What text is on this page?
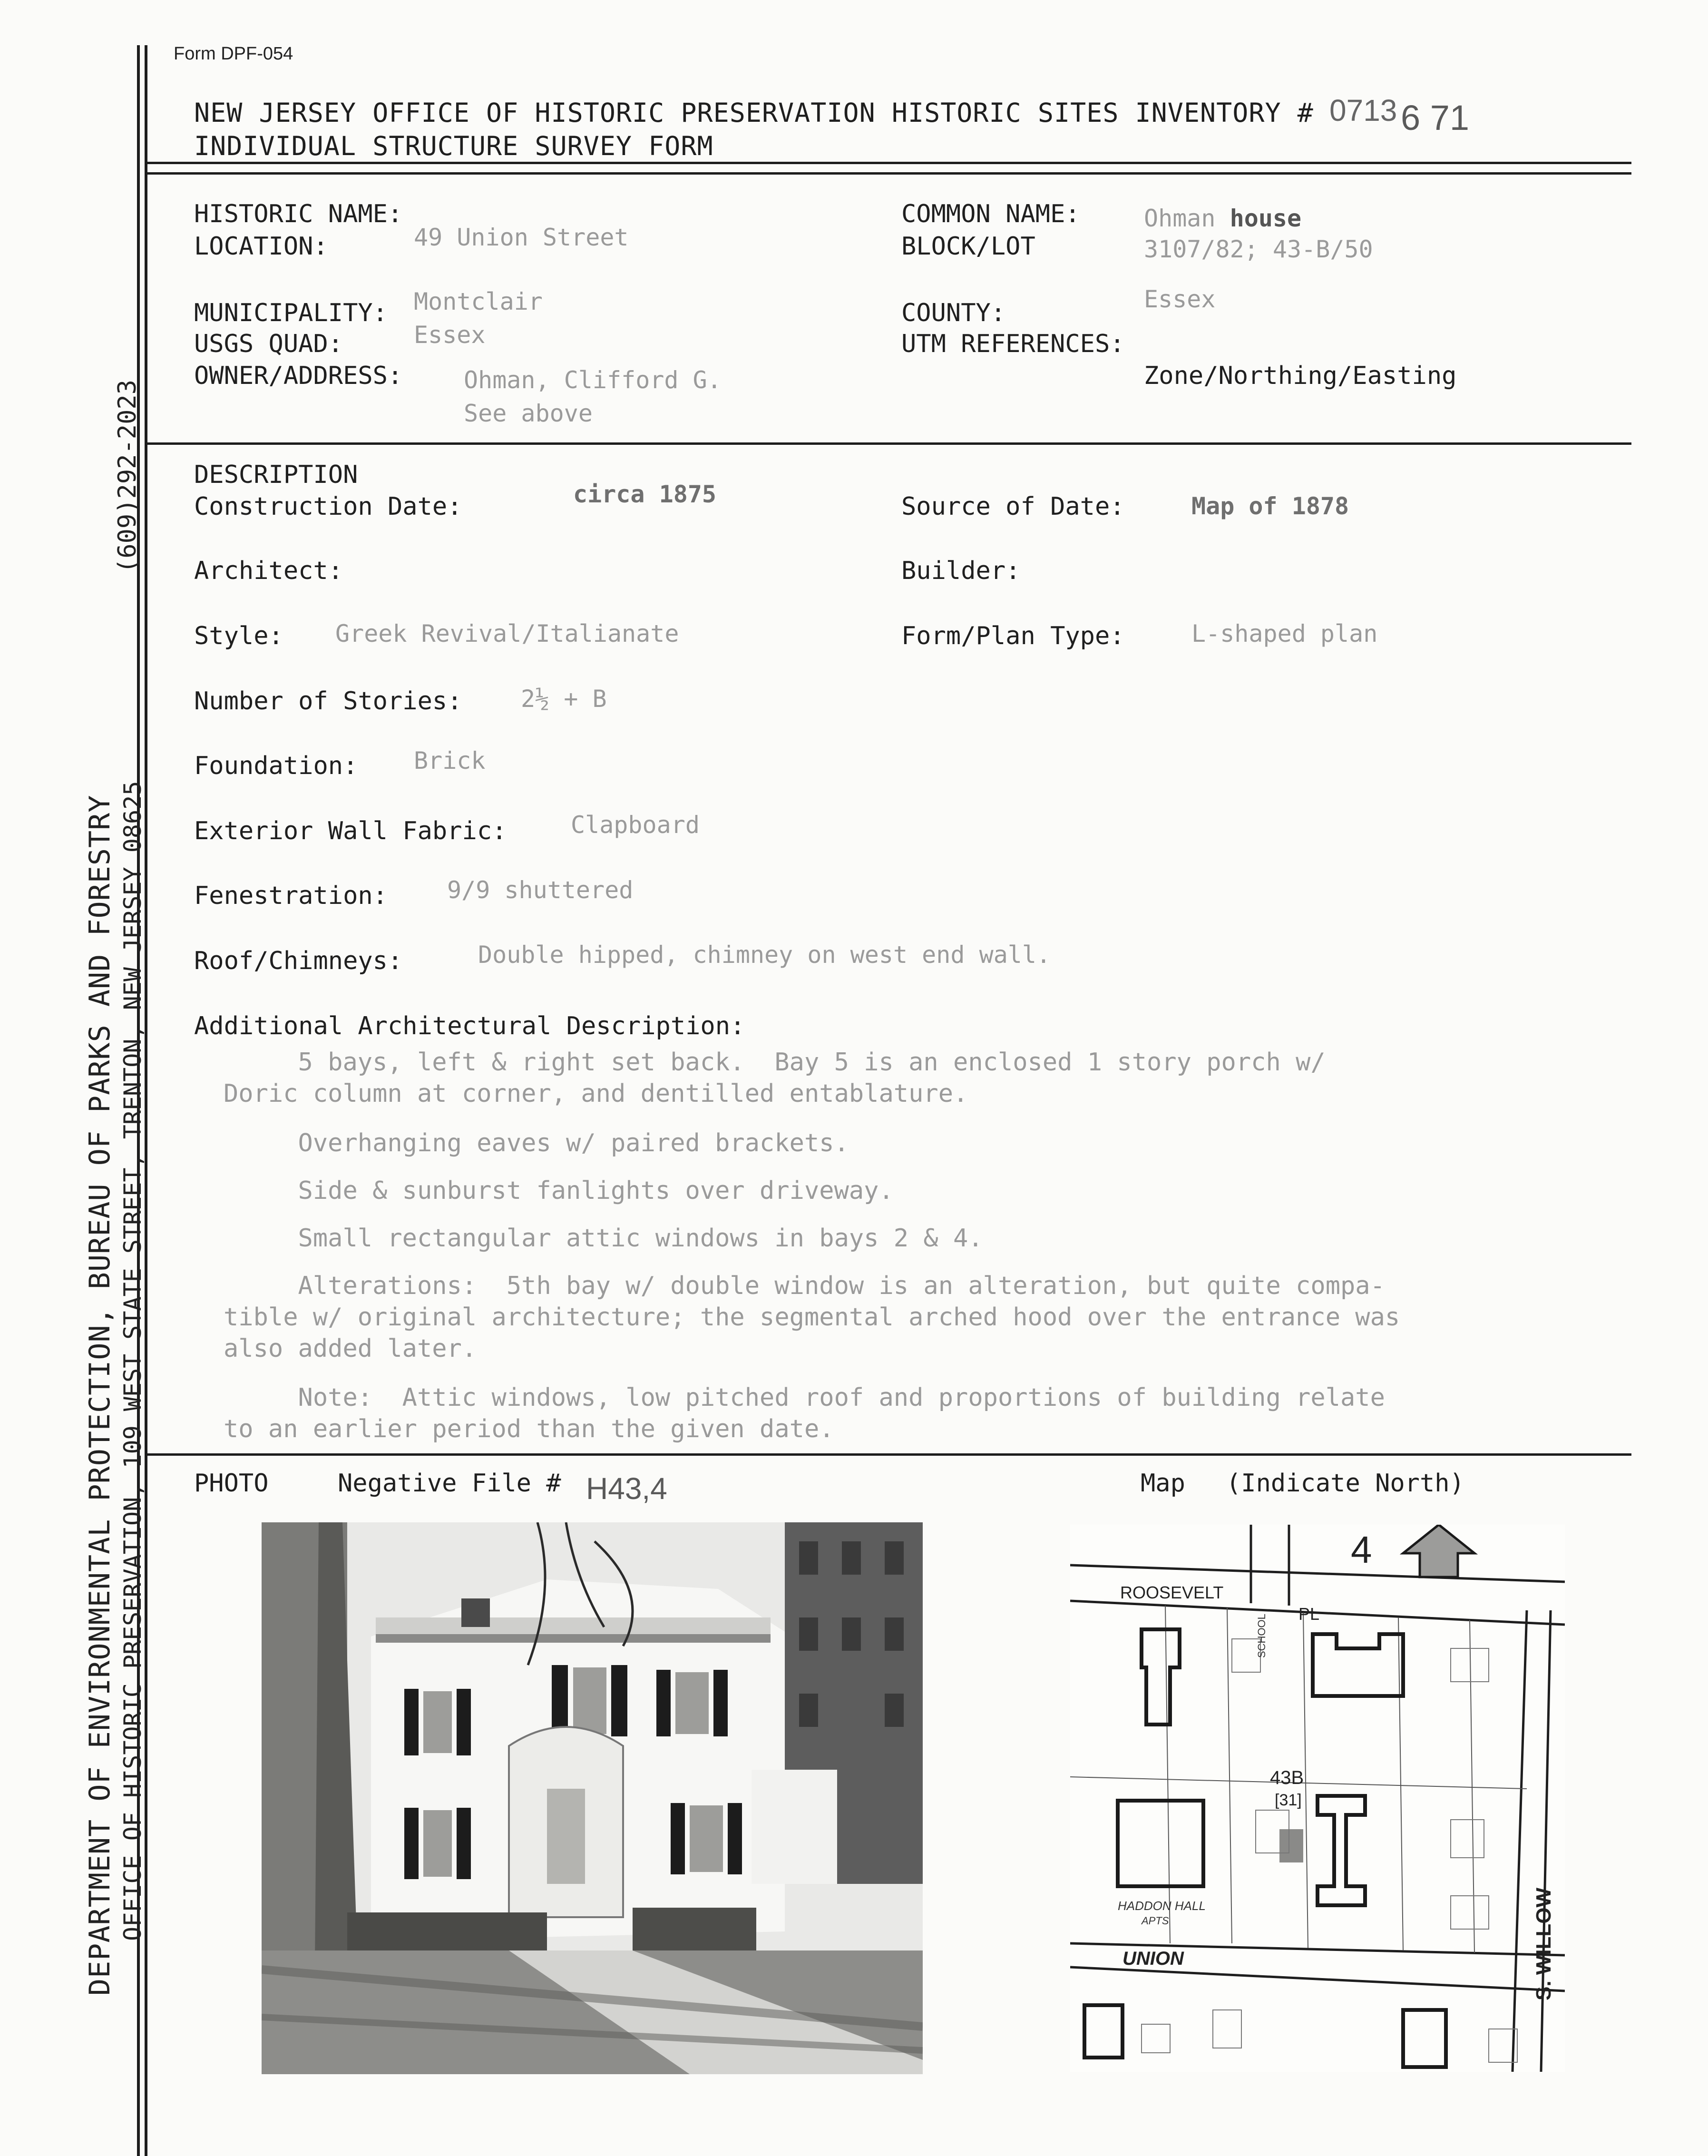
DEPARTMENT OF ENVIRONMENTAL PROTECTION, BUREAU OF PARKS AND FORESTRY OFFICE OF HISTORIC PRESERVATION, 109 WEST STATE STREET, TRENTON, NEW JERSEY 08625
(609)292-2023
Form DPF-054
NEW JERSEY OFFICE OF HISTORIC PRESERVATION HISTORIC SITES INVENTORY # 0713 6 71
INDIVIDUAL STRUCTURE SURVEY FORM
HISTORIC NAME:
LOCATION:	49 Union Street
MUNICIPALITY: Montclair
USGS QUAD:	Essex
OWNER/ADDRESS:	Ohman, Clifford G.
See above
COMMON NAME:	Ohman house
BLOCK/LOT	3107/82; 43-B/50
COUNTY:	Essex
UTM REFERENCES:
Zone/Northing/Easting
DESCRIPTION
Construction Date:	circa 1875	Source of Date:	Map of 1878
Architect:	Builder:
Style: Greek Revival/Italianate	Form/Plan Type:	L-shaped plan
Number of Stories: 2½ + B
Foundation: Brick
Exterior Wall Fabric:	Clapboard
Fenestration:	9/9 shuttered
Roof/Chimneys:	Double hipped, chimney on west end wall.
Additional Architectural Description:
5 bays, left & right set back.  Bay 5 is an enclosed 1 story porch w/
Doric column at corner, and dentilled entablature.
Overhanging eaves w/ paired brackets.
Side & sunburst fanlights over driveway.
Small rectangular attic windows in bays 2 & 4.
Alterations:  5th bay w/ double window is an alteration, but quite compa-
tible w/ original architecture; the segmental arched hood over the entrance was
also added later.
Note:  Attic windows, low pitched roof and proportions of building relate
to an earlier period than the given date.
PHOTO	Negative File # H43,4	Map (Indicate North)
4
ROOSEVELT
PL
43B
[31]
HADDON HALL
APTS
UNION
SCHOOL
S. WILLOW
